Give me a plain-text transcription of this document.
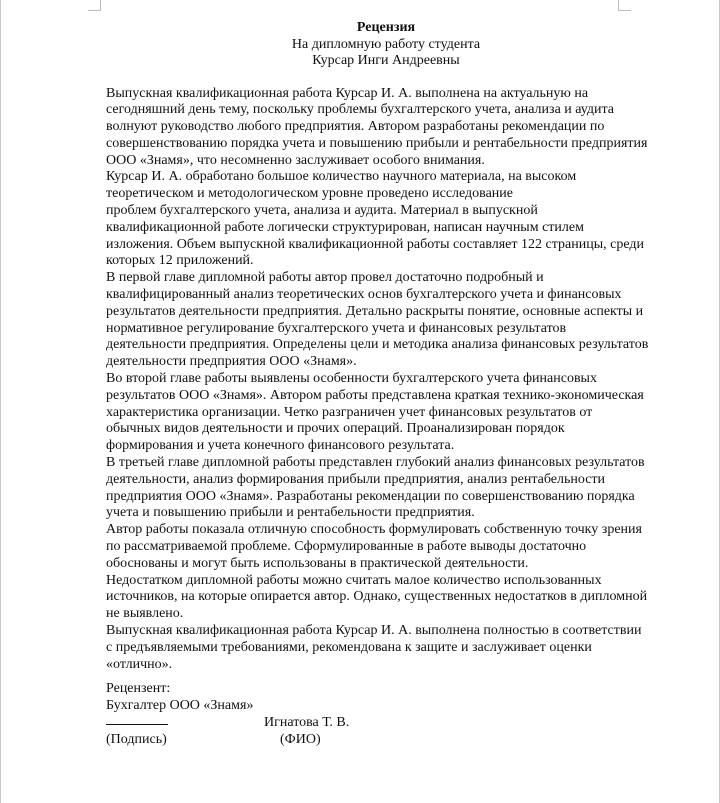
Рецензия
На дипломную работу студента
Курсар Инги Андреевны

Выпускная квалификационная работа Курсар И. А. выполнена на актуальную на
сегодняшний день тему, поскольку проблемы бухгалтерского учета, анализа и аудита
волнуют руководство любого предприятия. Автором разработаны рекомендации по
совершенствованию порядка учета и повышению прибыли и рентабельности предприятия
ООО «Знамя», что несомненно заслуживает особого внимания.

Курсар И. А. обработано большое количество научного материала, на высоком
теоретическом и методологическом уровне проведено исследование
проблем бухгалтерского учета, анализа и аудита. Материал в выпускной
квалификационной работе логически структурирован, написан научным стилем
изложения. Объем выпускной квалификационной работы составляет 122 страницы, среди
которых 12 приложений.

В первой главе дипломной работы автор провел достаточно подробный и
квалифицированный анализ теоретических основ бухгалтерского учета и финансовых
результатов деятельности предприятия. Детально раскрыты понятие, основные аспекты и
нормативное регулирование бухгалтерского учета и финансовых результатов
деятельности предприятия. Определены цели и методика анализа финансовых результатов
деятельности предприятия ООО «Знамя».

Во второй главе работы выявлены особенности бухгалтерского учета финансовых
результатов ООО «Знамя». Автором работы представлена краткая технико-экономическая
характеристика организации. Четко разграничен учет финансовых результатов от
обычных видов деятельности и прочих операций. Проанализирован порядок
формирования и учета конечного финансового результата.

В третьей главе дипломной работы представлен глубокий анализ финансовых результатов
деятельности, анализ формирования прибыли предприятия, анализ рентабельности
предприятия ООО «Знамя». Разработаны рекомендации по совершенствованию порядка
учета и повышению прибыли и рентабельности предприятия.

Автор работы показала отличную способность формулировать собственную точку зрения
по рассматриваемой проблеме. Сформулированные в работе выводы достаточно
обоснованы и могут быть использованы в практической деятельности.

Недостатком дипломной работы можно считать малое количество использованных
источников, на которые опирается автор. Однако, существенных недостатков в дипломной
не выявлено.

Выпускная квалификационная работа Курсар И. А. выполнена полностью в соответствии
с предъявляемыми требованиями, рекомендована к защите и заслуживает оценки
«отлично».

Рецензент:
Бухгалтер ООО «Знамя»
Игнатова Т. В.
(Подпись)	(ФИО)
